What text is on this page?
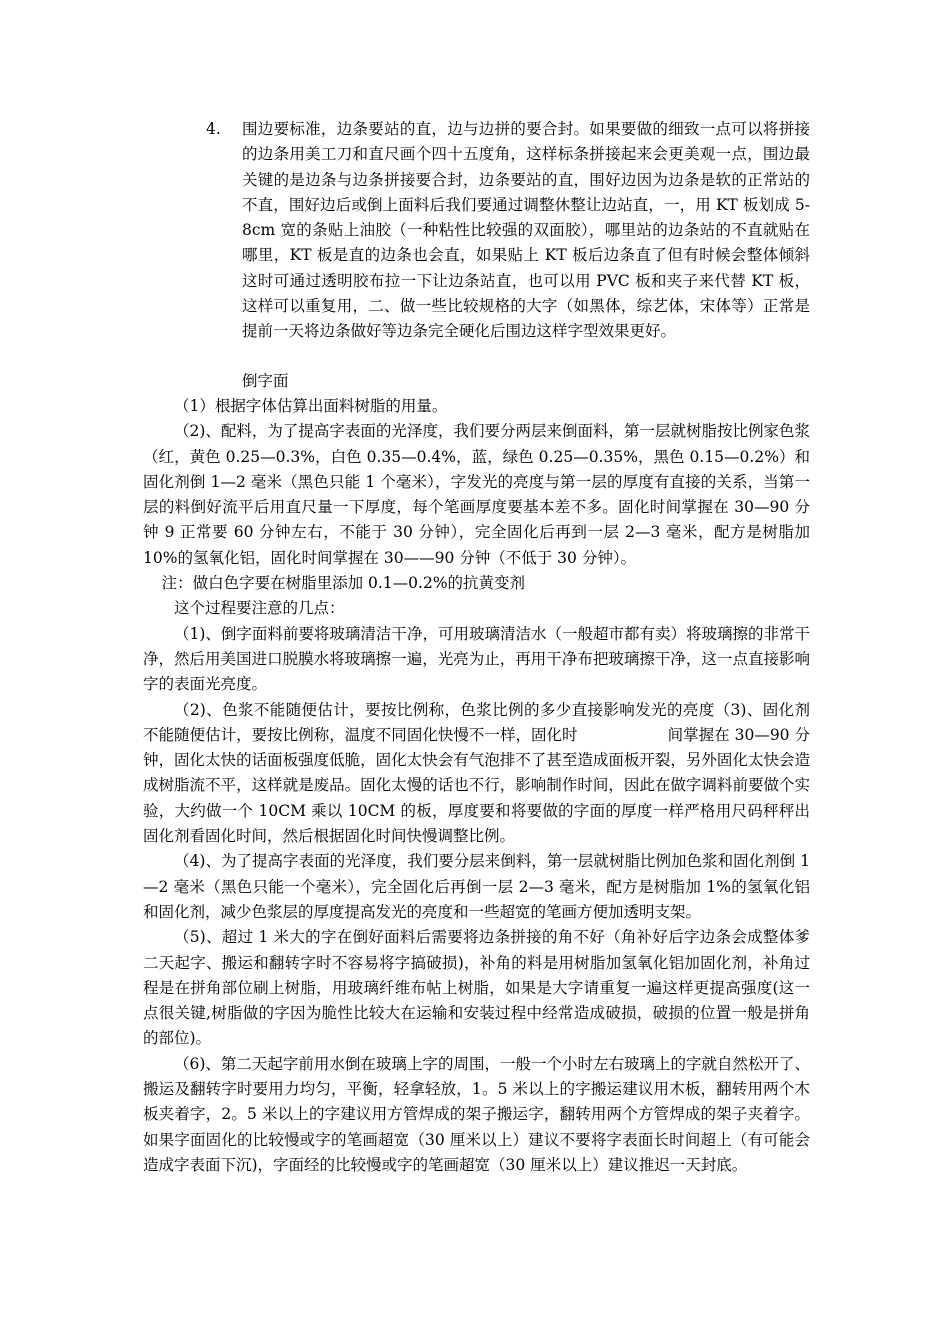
4.	围边要标准，边条要站的直，边与边拼的要合封。如果要做的细致一点可以将拼接的边条用美工刀和直尺画个四十五度角，这样标条拼接起来会更美观一点，围边最关键的是边条与边条拼接要合封，边条要站的直，围好边因为边条是软的正常站的不直，围好边后或倒上面料后我们要通过调整休整让边站直，一，用 KT 板划成 5-8cm 宽的条贴上油胶（一种粘性比较强的双面胶），哪里站的边条站的不直就贴在哪里，KT 板是直的边条也会直，如果贴上 KT 板后边条直了但有时候会整体倾斜这时可通过透明胶布拉一下让边条站直，也可以用 PVC 板和夹子来代替 KT 板，这样可以重复用，二、做一些比较规格的大字（如黑体，综艺体，宋体等）正常是提前一天将边条做好等边条完全硬化后围边这样字型效果更好。
倒字面

（1）根据字体估算出面料树脂的用量。

（2)、配料，为了提高字表面的光泽度，我们要分两层来倒面料，第一层就树脂按比例家色浆（红，黄色 0.25—0.3%，白色 0.35—0.4%，蓝，绿色 0.25—0.35%，黑色 0.15—0.2%）和固化剂倒 1—2 毫米（黑色只能 1 个毫米），字发光的亮度与第一层的厚度有直接的关系，当第一层的料倒好流平后用直尺量一下厚度，每个笔画厚度要基本差不多。固化时间掌握在 30—90 分钟 9 正常要 60 分钟左右，不能于 30 分钟），完全固化后再到一层 2—3 毫米，配方是树脂加 10%的氢氧化铝，固化时间掌握在 30——90 分钟（不低于 30 分钟）。

注：做白色字要在树脂里添加 0.1—0.2%的抗黄变剂

这个过程要注意的几点：

（1)、倒字面料前要将玻璃清洁干净，可用玻璃清洁水（一般超市都有卖）将玻璃擦的非常干净，然后用美国进口脱膜水将玻璃擦一遍，光亮为止，再用干净布把玻璃擦干净，这一点直接影响字的表面光亮度。

（2)、色浆不能随便估计，要按比例称，色浆比例的多少直接影响发光的亮度（3)、固化剂不能随便估计，要按比例称，温度不同固化快慢不一样，固化时	间掌握在 30—90 分钟，固化太快的话面板强度低脆，固化太快会有气泡排不了甚至造成面板开裂，另外固化太快会造成树脂流不平，这样就是废品。固化太慢的话也不行，影响制作时间，因此在做字调料前要做个实验，大约做一个 10CM 乘以 10CM 的板，厚度要和将要做的字面的厚度一样严格用尺码秤秤出固化剂看固化时间，然后根据固化时间快慢调整比例。

（4)、为了提高字表面的光泽度，我们要分层来倒料，第一层就树脂比例加色浆和固化剂倒 1—2 毫米（黑色只能一个毫米），完全固化后再倒一层 2—3 毫米，配方是树脂加 1%的氢氧化铝和固化剂，减少色浆层的厚度提高发光的亮度和一些超宽的笔画方便加透明支架。

（5)、超过 1 米大的字在倒好面料后需要将边条拼接的角不好（角补好后字边条会成整体爹二天起字、搬运和翻转字时不容易将字搞破损)，补角的料是用树脂加氢氧化铝加固化剂，补角过程是在拼角部位刷上树脂，用玻璃纤维布帖上树脂，如果是大字请重复一遍这样更提高强度(这一点很关键,树脂做的字因为脆性比较大在运输和安装过程中经常造成破损，破损的位置一般是拼角的部位)。

（6)、第二天起字前用水倒在玻璃上字的周围，一般一个小时左右玻璃上的字就自然松开了、搬运及翻转字时要用力均匀，平衡，轻拿轻放，1。5 米以上的字搬运建议用木板，翻转用两个木板夹着字，2。5 米以上的字建议用方管焊成的架子搬运字，翻转用两个方管焊成的架子夹着字。如果字面固化的比较慢或字的笔画超宽（30 厘米以上）建议不要将字表面长时间超上（有可能会造成字表面下沉)，字面经的比较慢或字的笔画超宽（30 厘米以上）建议推迟一天封底。
